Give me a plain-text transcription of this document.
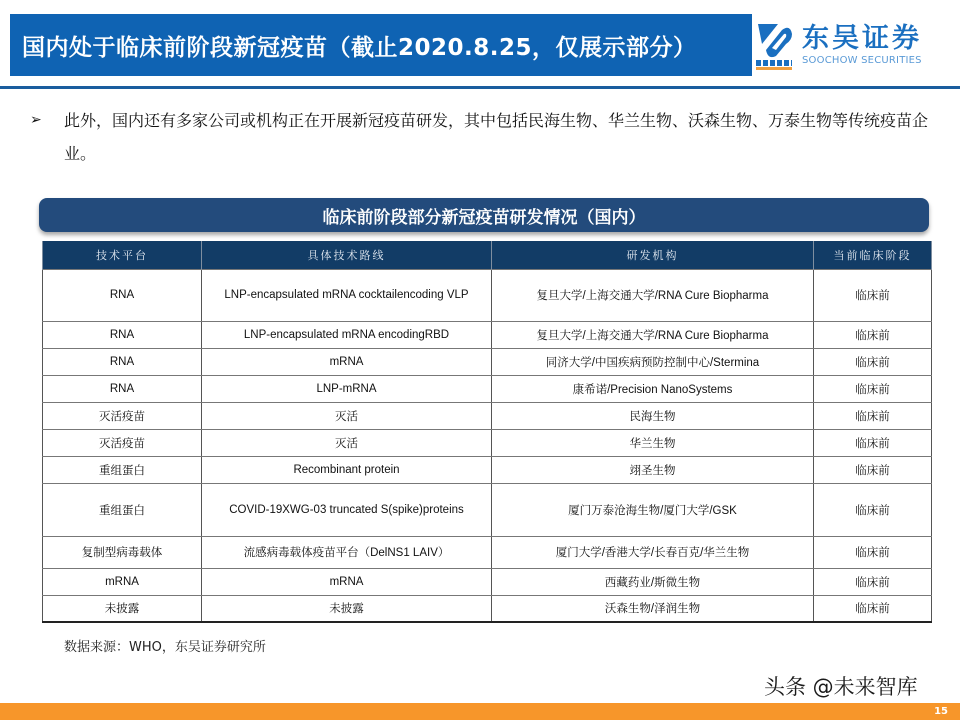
国内处于临床前阶段新冠疫苗（截止2020.8.25，仅展示部分）	东吴证券
SOOCHOW SECURITIES
➢	此外，国内还有多家公司或机构正在开展新冠疫苗研发，其中包括民海生物、华兰生物、沃森生物、万泰生物等传统疫苗企业。
临床前阶段部分新冠疫苗研发情况（国内）
技术平台	具体技术路线	研发机构	当前临床阶段
RNA	LNP-encapsulated mRNA cocktailencoding VLP	复旦大学/上海交通大学/RNA Cure Biopharma	临床前
RNA	LNP-encapsulated mRNA encodingRBD	复旦大学/上海交通大学/RNA Cure Biopharma	临床前
RNA	mRNA	同济大学/中国疾病预防控制中心/Stermina	临床前
RNA	LNP-mRNA	康希诺/Precision NanoSystems	临床前
灭活疫苗	灭活	民海生物	临床前
灭活疫苗	灭活	华兰生物	临床前
重组蛋白	Recombinant protein	翊圣生物	临床前
重组蛋白	COVID-19XWG-03 truncated S(spike)proteins	厦门万泰沧海生物/厦门大学/GSK	临床前
复制型病毒载体	流感病毒载体疫苗平台（DelNS1 LAIV）	厦门大学/香港大学/长春百克/华兰生物	临床前
mRNA	mRNA	西藏药业/斯微生物	临床前
未披露	未披露	沃森生物/泽润生物	临床前
数据来源：WHO，东吴证券研究所
头条 @未来智库
15
